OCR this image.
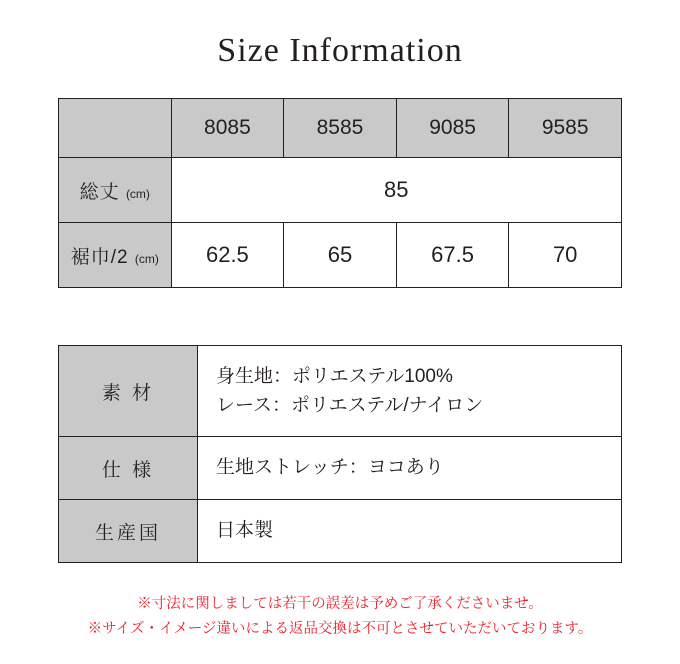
Size Information
	8085	8585	9085	9585
総丈 (cm)	85			
裾巾/2 (cm)	62.5	65	67.5	70
素 材	身生地：ポリエステル100%
レース：ポリエステル/ナイロン

仕 様	生地ストレッチ：ヨコあり

生産国	日本製
※寸法に関しましては若干の誤差は予めご了承くださいませ。
※サイズ・イメージ違いによる返品交換は不可とさせていただいております。
